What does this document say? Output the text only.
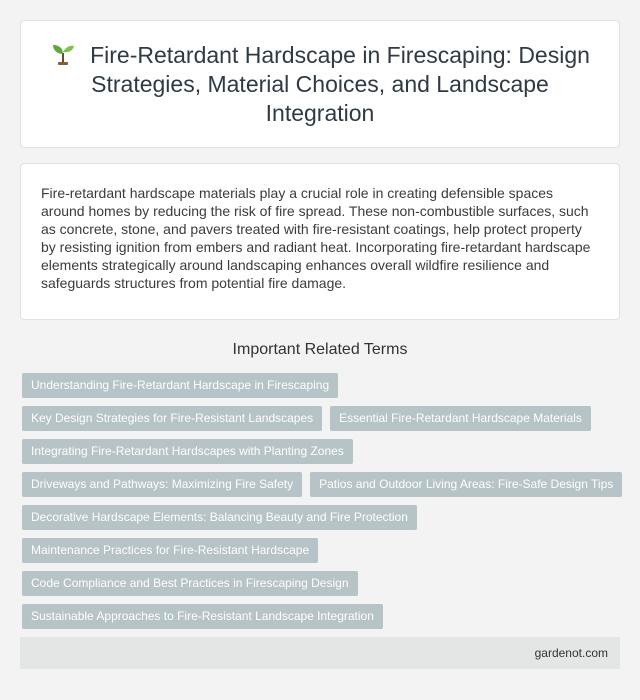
Fire-Retardant Hardscape in Firescaping: Design Strategies, Material Choices, and Landscape Integration

Fire-retardant hardscape materials play a crucial role in creating defensible spaces around homes by reducing the risk of fire spread. These non-combustible surfaces, such as concrete, stone, and pavers treated with fire-resistant coatings, help protect property by resisting ignition from embers and radiant heat. Incorporating fire-retardant hardscape elements strategically around landscaping enhances overall wildfire resilience and safeguards structures from potential fire damage.

Important Related Terms
Understanding Fire-Retardant Hardscape in Firescaping
Key Design Strategies for Fire-Resistant Landscapes	Essential Fire-Retardant Hardscape Materials
Integrating Fire-Retardant Hardscapes with Planting Zones
Driveways and Pathways: Maximizing Fire Safety	Patios and Outdoor Living Areas: Fire-Safe Design Tips
Decorative Hardscape Elements: Balancing Beauty and Fire Protection
Maintenance Practices for Fire-Resistant Hardscape
Code Compliance and Best Practices in Firescaping Design
Sustainable Approaches to Fire-Resistant Landscape Integration
gardenot.com
